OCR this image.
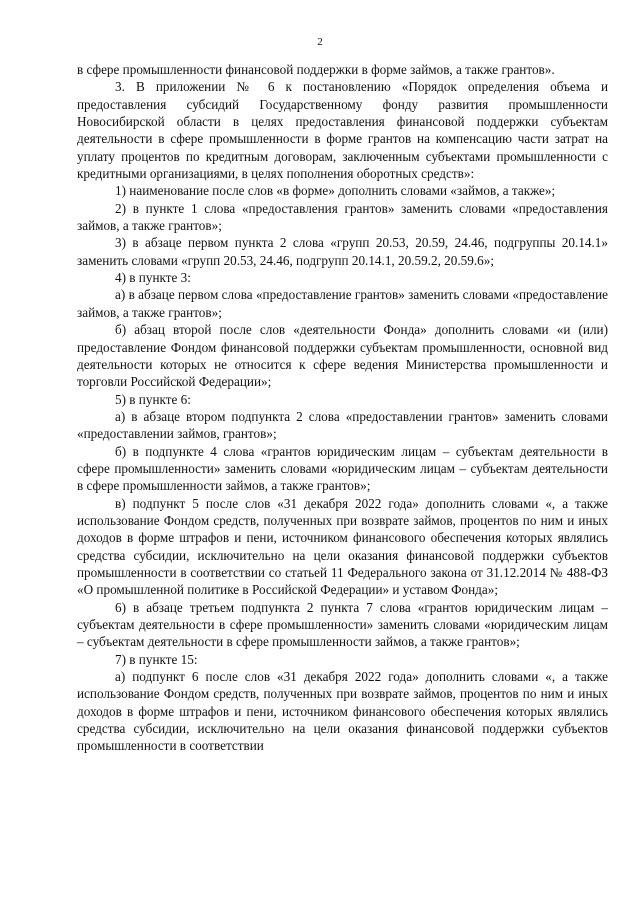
2

в сфере промышленности финансовой поддержки в форме займов, а также грантов».

3. В приложении № 6 к постановлению «Порядок определения объема и предоставления субсидий Государственному фонду развития промышленности Новосибирской области в целях предоставления финансовой поддержки субъектам деятельности в сфере промышленности в форме грантов на компенсацию части затрат на уплату процентов по кредитным договорам, заключенным субъектами промышленности с кредитными организациями, в целях пополнения оборотных средств»:

1) наименование после слов «в форме» дополнить словами «займов, а также»;

2) в пункте 1 слова «предоставления грантов» заменить словами «предоставления займов, а также грантов»;

3) в абзаце первом пункта 2 слова «групп 20.53, 20.59, 24.46, подгруппы 20.14.1» заменить словами «групп 20.53, 24.46, подгрупп 20.14.1, 20.59.2, 20.59.6»;

4) в пункте 3:

а) в абзаце первом слова «предоставление грантов» заменить словами «предоставление займов, а также грантов»;

б) абзац второй после слов «деятельности Фонда» дополнить словами «и (или) предоставление Фондом финансовой поддержки субъектам промышленности, основной вид деятельности которых не относится к сфере ведения Министерства промышленности и торговли Российской Федерации»;

5) в пункте 6:

а) в абзаце втором подпункта 2 слова «предоставлении грантов» заменить словами «предоставлении займов, грантов»;

б) в подпункте 4 слова «грантов юридическим лицам – субъектам деятельности в сфере промышленности» заменить словами «юридическим лицам – субъектам деятельности в сфере промышленности займов, а также грантов»;

в) подпункт 5 после слов «31 декабря 2022 года» дополнить словами «, а также использование Фондом средств, полученных при возврате займов, процентов по ним и иных доходов в форме штрафов и пени, источником финансового обеспечения которых являлись средства субсидии, исключительно на цели оказания финансовой поддержки субъектов промышленности в соответствии со статьей 11 Федерального закона от 31.12.2014 № 488-ФЗ «О промышленной политике в Российской Федерации» и уставом Фонда»;

6) в абзаце третьем подпункта 2 пункта 7 слова «грантов юридическим лицам – субъектам деятельности в сфере промышленности» заменить словами «юридическим лицам – субъектам деятельности в сфере промышленности займов, а также грантов»;

7) в пункте 15:

а) подпункт 6 после слов «31 декабря 2022 года» дополнить словами «, а также использование Фондом средств, полученных при возврате займов, процентов по ним и иных доходов в форме штрафов и пени, источником финансового обеспечения которых являлись средства субсидии, исключительно на цели оказания финансовой поддержки субъектов промышленности в соответствии
